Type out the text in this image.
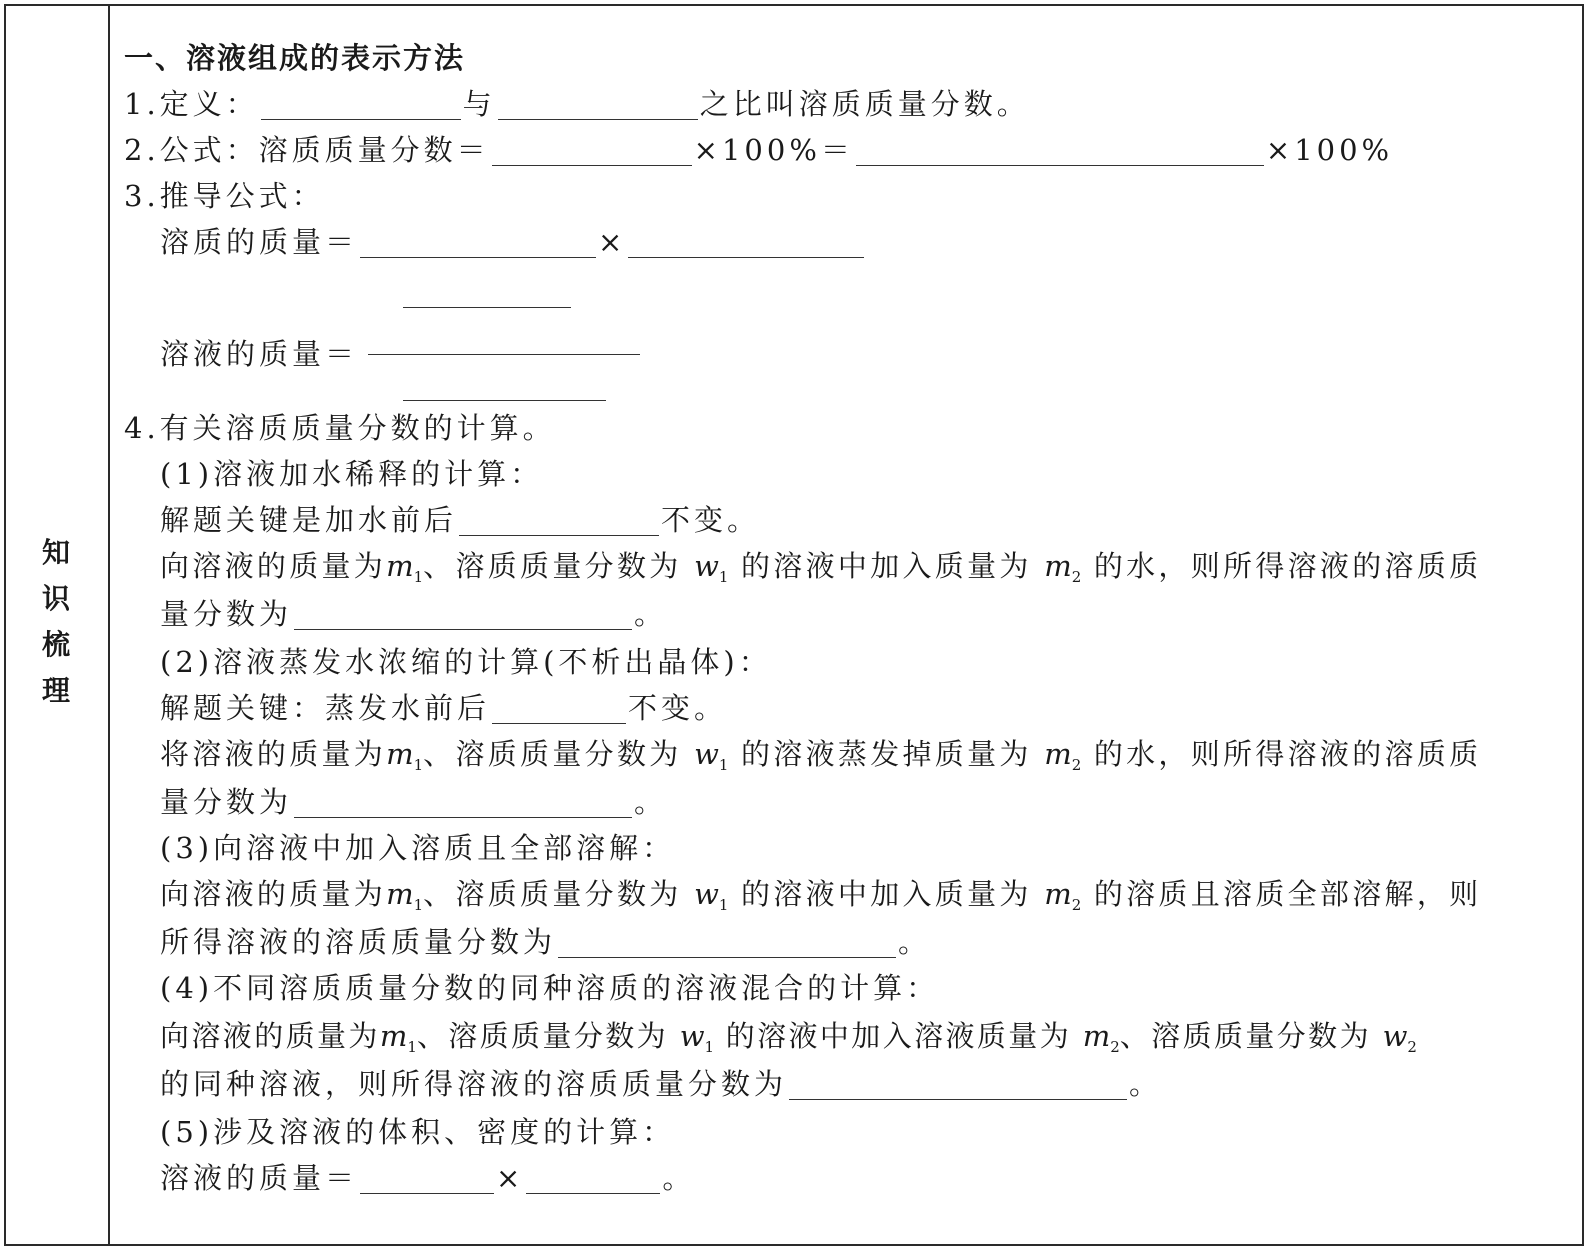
知
识
梳
理
一、溶液组成的表示方法
1.定义：	与	之比叫溶质质量分数。
2.公式：溶质质量分数＝	×100%＝	×100%
3.推导公式：
溶质的质量＝	×
溶液的质量＝
4.有关溶质质量分数的计算。
(1)溶液加水稀释的计算：
解题关键是加水前后	不变。
向溶液的质量为$m_1$、溶质质量分数为 $w_1$ 的溶液中加入质量为 $m_2$ 的水，则所得溶液的溶质质
量分数为	。
(2)溶液蒸发水浓缩的计算(不析出晶体)：
解题关键：蒸发水前后	不变。
将溶液的质量为$m_1$、溶质质量分数为 $w_1$ 的溶液蒸发掉质量为 $m_2$ 的水，则所得溶液的溶质质
量分数为	。
(3)向溶液中加入溶质且全部溶解：
向溶液的质量为$m_1$、溶质质量分数为 $w_1$ 的溶液中加入质量为 $m_2$ 的溶质且溶质全部溶解，则
所得溶液的溶质质量分数为	。
(4)不同溶质质量分数的同种溶质的溶液混合的计算：
向溶液的质量为$m_1$、溶质质量分数为 $w_1$ 的溶液中加入溶液质量为 $m_2$、溶质质量分数为 $w_2$
的同种溶液，则所得溶液的溶质质量分数为	。
(5)涉及溶液的体积、密度的计算：
溶液的质量＝	×	。
